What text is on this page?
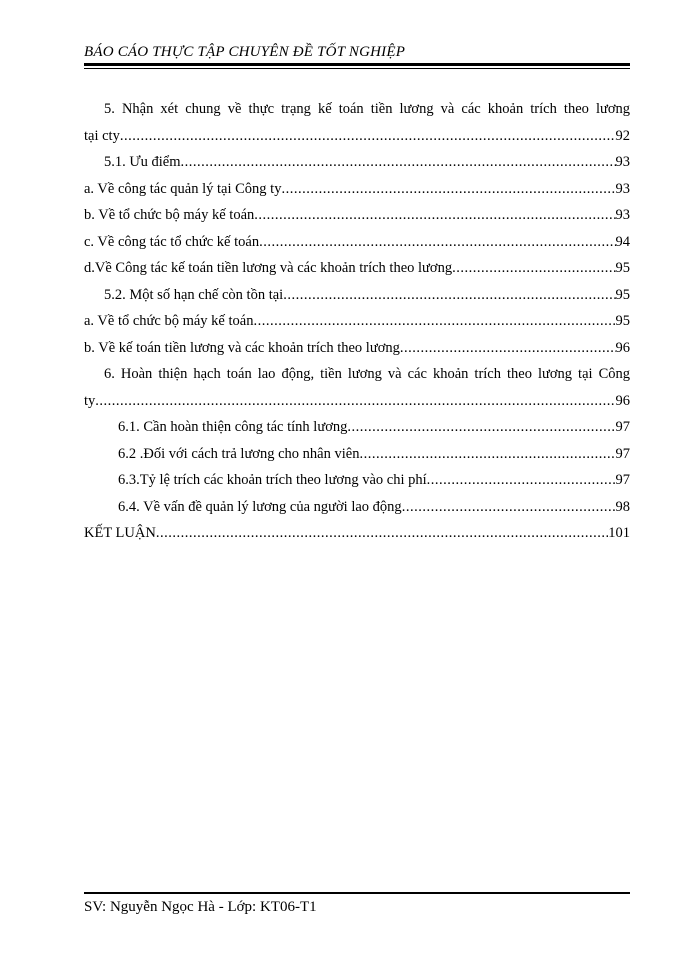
BÁO CÁO THỰC TẬP CHUYÊN ĐỀ TỐT NGHIỆP
5. Nhận xét chung về thực trạng kế toán tiền lương và các khoản trích theo lương
tại cty .....	92
5.1. Ưu điểm .....	93
a. Về công tác quản lý tại Công ty .....	93
b. Về tổ chức bộ máy kế toán .....	93
c. Về công tác tổ chức kế toán .....	94
d.Về Công tác kế toán tiền lương và các khoản trích theo lương .....	95
5.2. Một số hạn chế còn tồn tại .....	95
a. Về tổ chức bộ máy kế toán .....	95
b. Về kế toán tiền lương và các khoản trích theo lương .....	96
6. Hoàn thiện hạch toán lao động, tiền lương và các khoản trích theo lương tại Công
ty .....	96
6.1. Cần hoàn thiện công tác tính lương .....	97
6.2 .Đối với cách trả lương cho nhân viên .....	97
6.3.Tỷ lệ trích các khoản trích theo lương vào chi phí .....	97
6.4. Về vấn đề quản lý lương của người lao động .....	98
KẾT LUẬN .....	101
SV: Nguyễn Ngọc Hà - Lớp: KT06-T1
